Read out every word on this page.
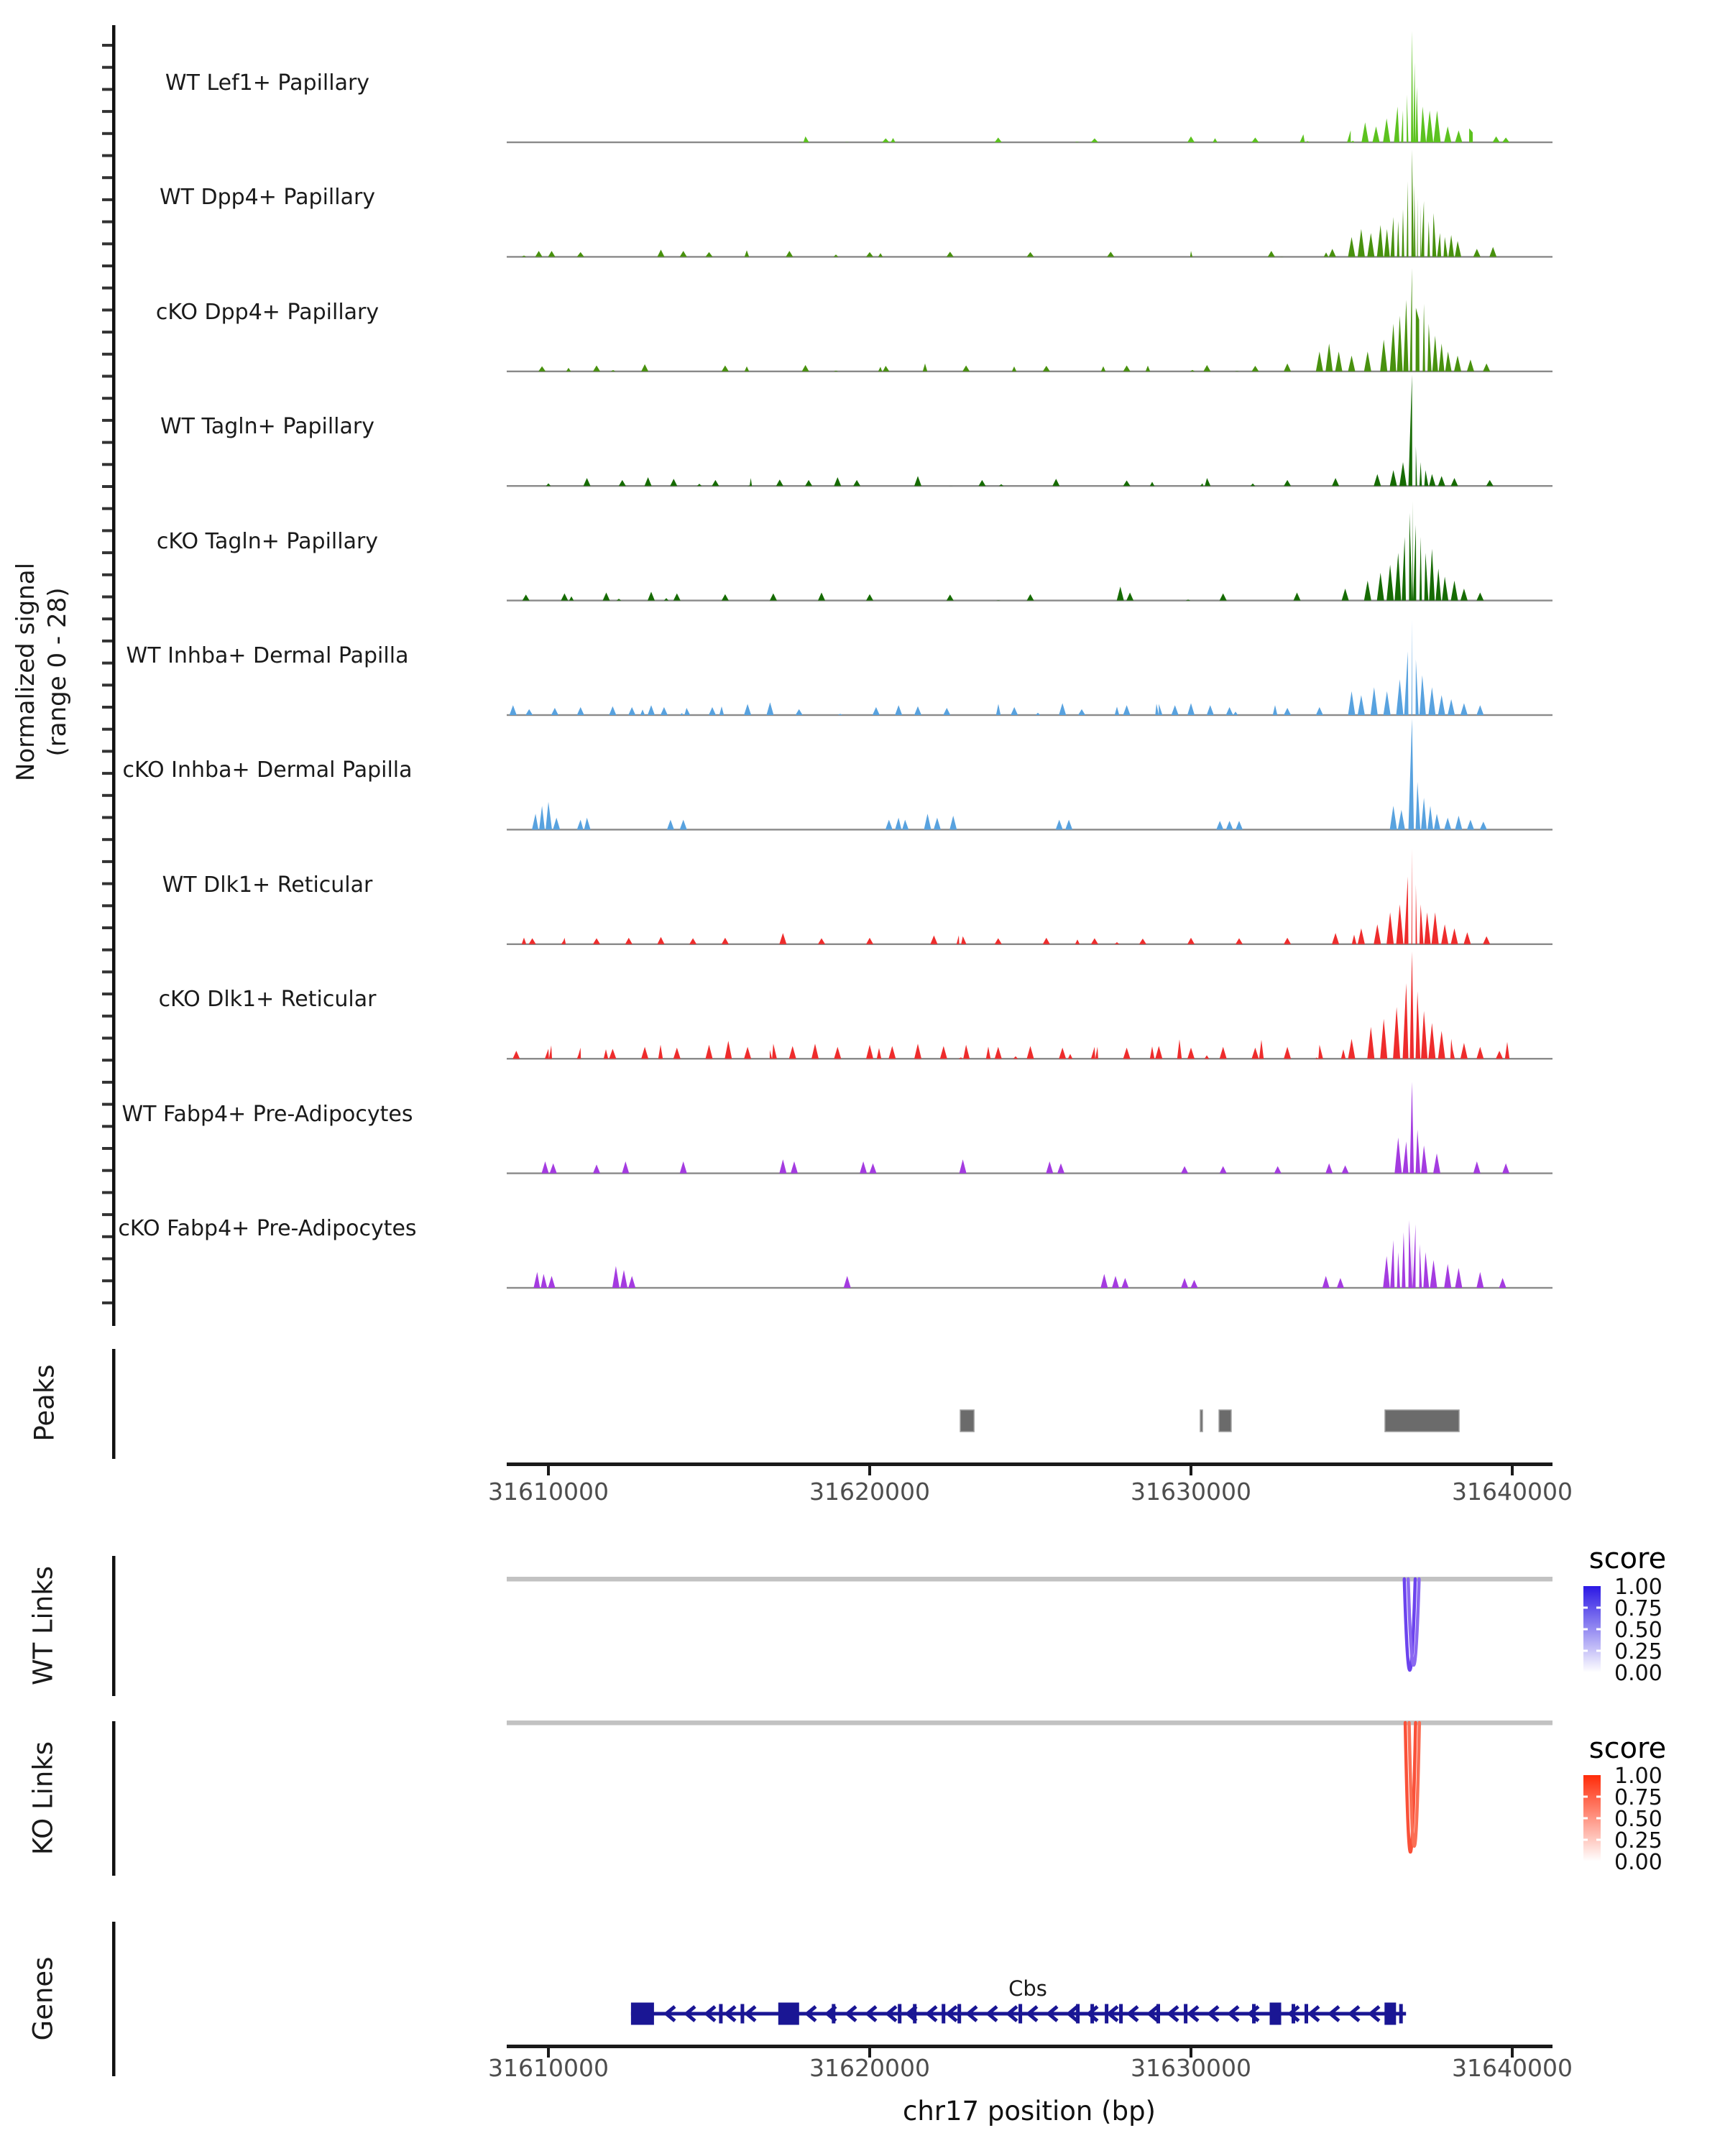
Normalized signal (range 0 - 28)
Peaks
WT Links
KO Links
Genes
score
score
Cbs
chr17 position (bp)
WT Lef1+ Papillary
WT Dpp4+ Papillary
cKO Dpp4+ Papillary
WT Tagln+ Papillary
cKO Tagln+ Papillary
WT Inhba+ Dermal Papilla
cKO Inhba+ Dermal Papilla
WT Dlk1+ Reticular
cKO Dlk1+ Reticular
WT Fabp4+ Pre-Adipocytes
cKO Fabp4+ Pre-Adipocytes
31610000
31610000
31620000
31620000
31630000
31630000
31640000
31640000
1.00
1.00
0.75
0.75
0.50
0.50
0.25
0.25
0.00
0.00
